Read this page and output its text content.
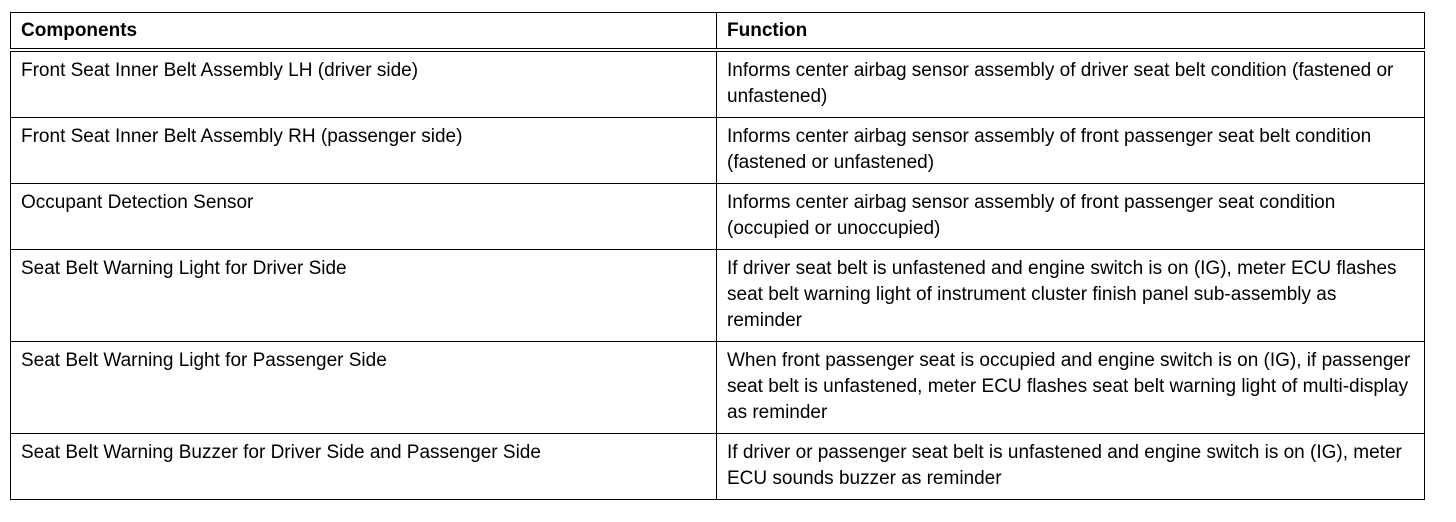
Components	Function
Front Seat Inner Belt Assembly LH (driver side)	Informs center airbag sensor assembly of driver seat belt condition (fastened or unfastened)
Front Seat Inner Belt Assembly RH (passenger side)	Informs center airbag sensor assembly of front passenger seat belt condition (fastened or unfastened)
Occupant Detection Sensor	Informs center airbag sensor assembly of front passenger seat condition (occupied or unoccupied)
Seat Belt Warning Light for Driver Side	If driver seat belt is unfastened and engine switch is on (IG), meter ECU flashes seat belt warning light of instrument cluster finish panel sub-assembly as reminder
Seat Belt Warning Light for Passenger Side	When front passenger seat is occupied and engine switch is on (IG), if passenger seat belt is unfastened, meter ECU flashes seat belt warning light of multi-display as reminder
Seat Belt Warning Buzzer for Driver Side and Passenger Side	If driver or passenger seat belt is unfastened and engine switch is on (IG), meter ECU sounds buzzer as reminder
